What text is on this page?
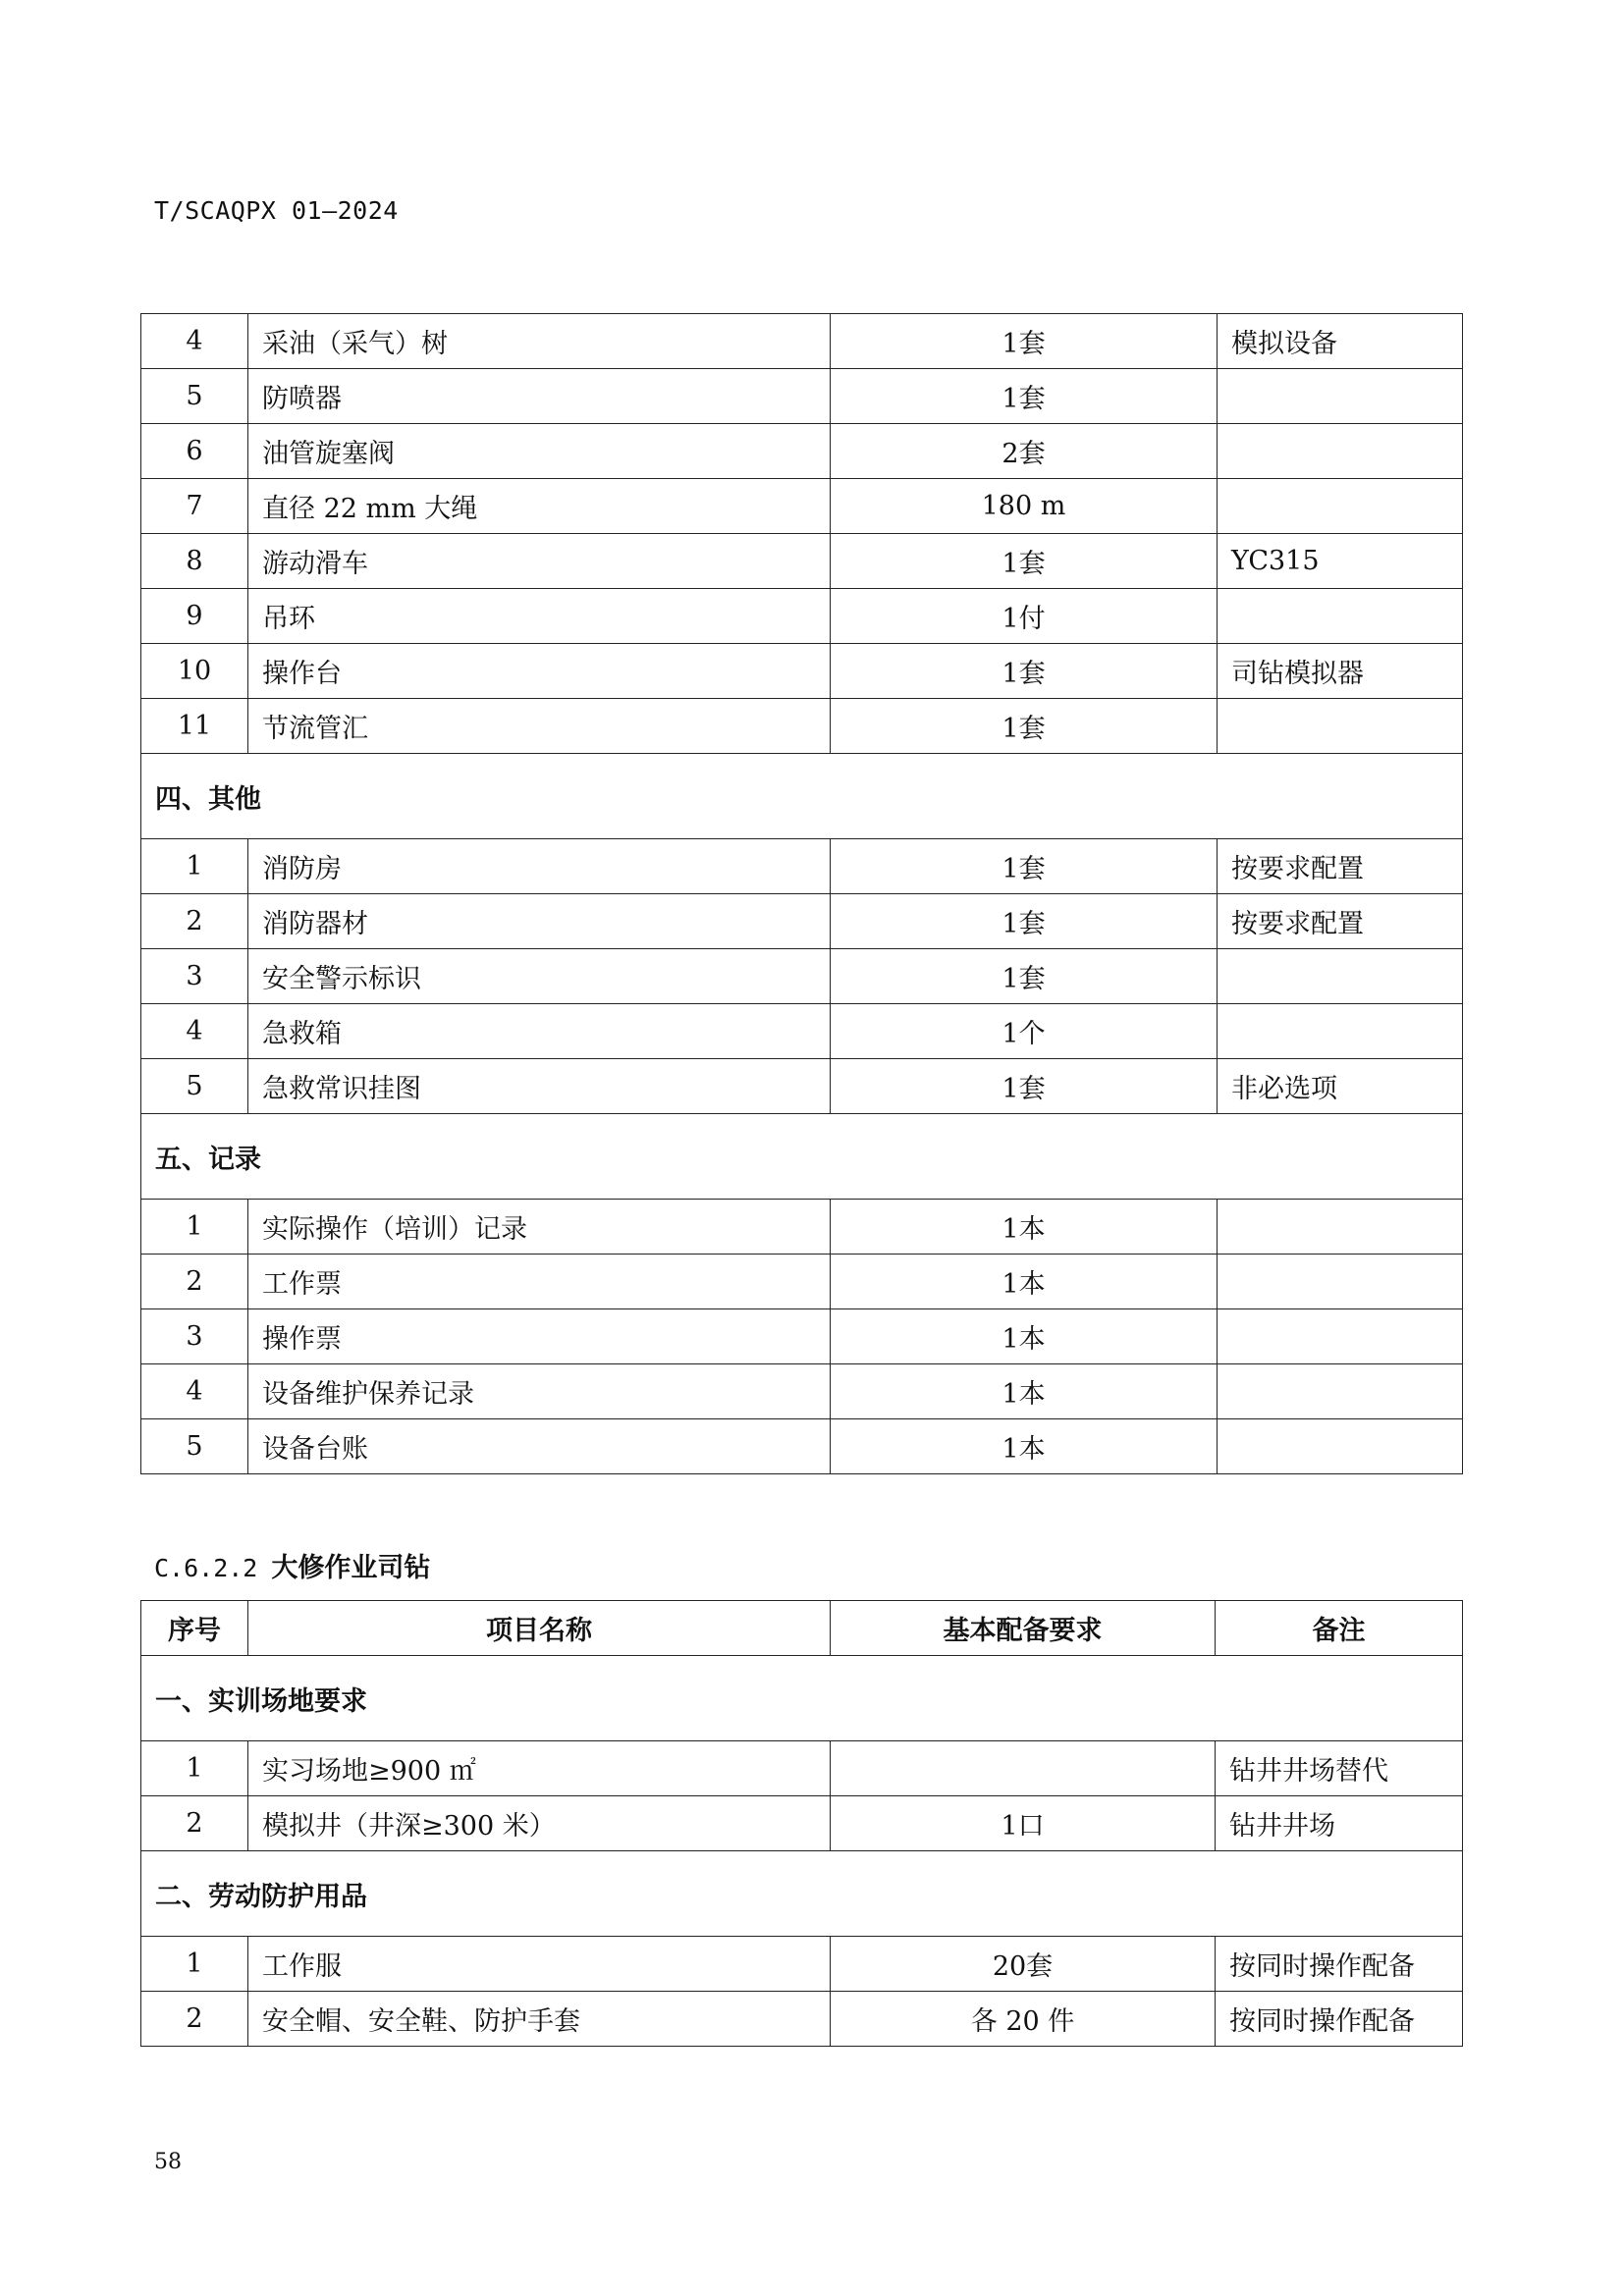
T/SCAQPX 01—2024
4	采油（采气）树	1套	模拟设备
5	防喷器	1套	
6	油管旋塞阀	2套	
7	直径 22 mm 大绳	180 m	
8	游动滑车	1套	YC315
9	吊环	1付	
10	操作台	1套	司钻模拟器
11	节流管汇	1套	
四、其他			
1	消防房	1套	按要求配置
2	消防器材	1套	按要求配置
3	安全警示标识	1套	
4	急救箱	1个	
5	急救常识挂图	1套	非必选项
五、记录			
1	实际操作（培训）记录	1本	
2	工作票	1本	
3	操作票	1本	
4	设备维护保养记录	1本	
5	设备台账	1本	
C.6.2.2 大修作业司钻
序号	项目名称	基本配备要求	备注
一、实训场地要求			
1	实习场地≥900 ㎡		钻井井场替代
2	模拟井（井深≥300 米）	1口	钻井井场
二、劳动防护用品			
1	工作服	20套	按同时操作配备
2	安全帽、安全鞋、防护手套	各 20 件	按同时操作配备
58
